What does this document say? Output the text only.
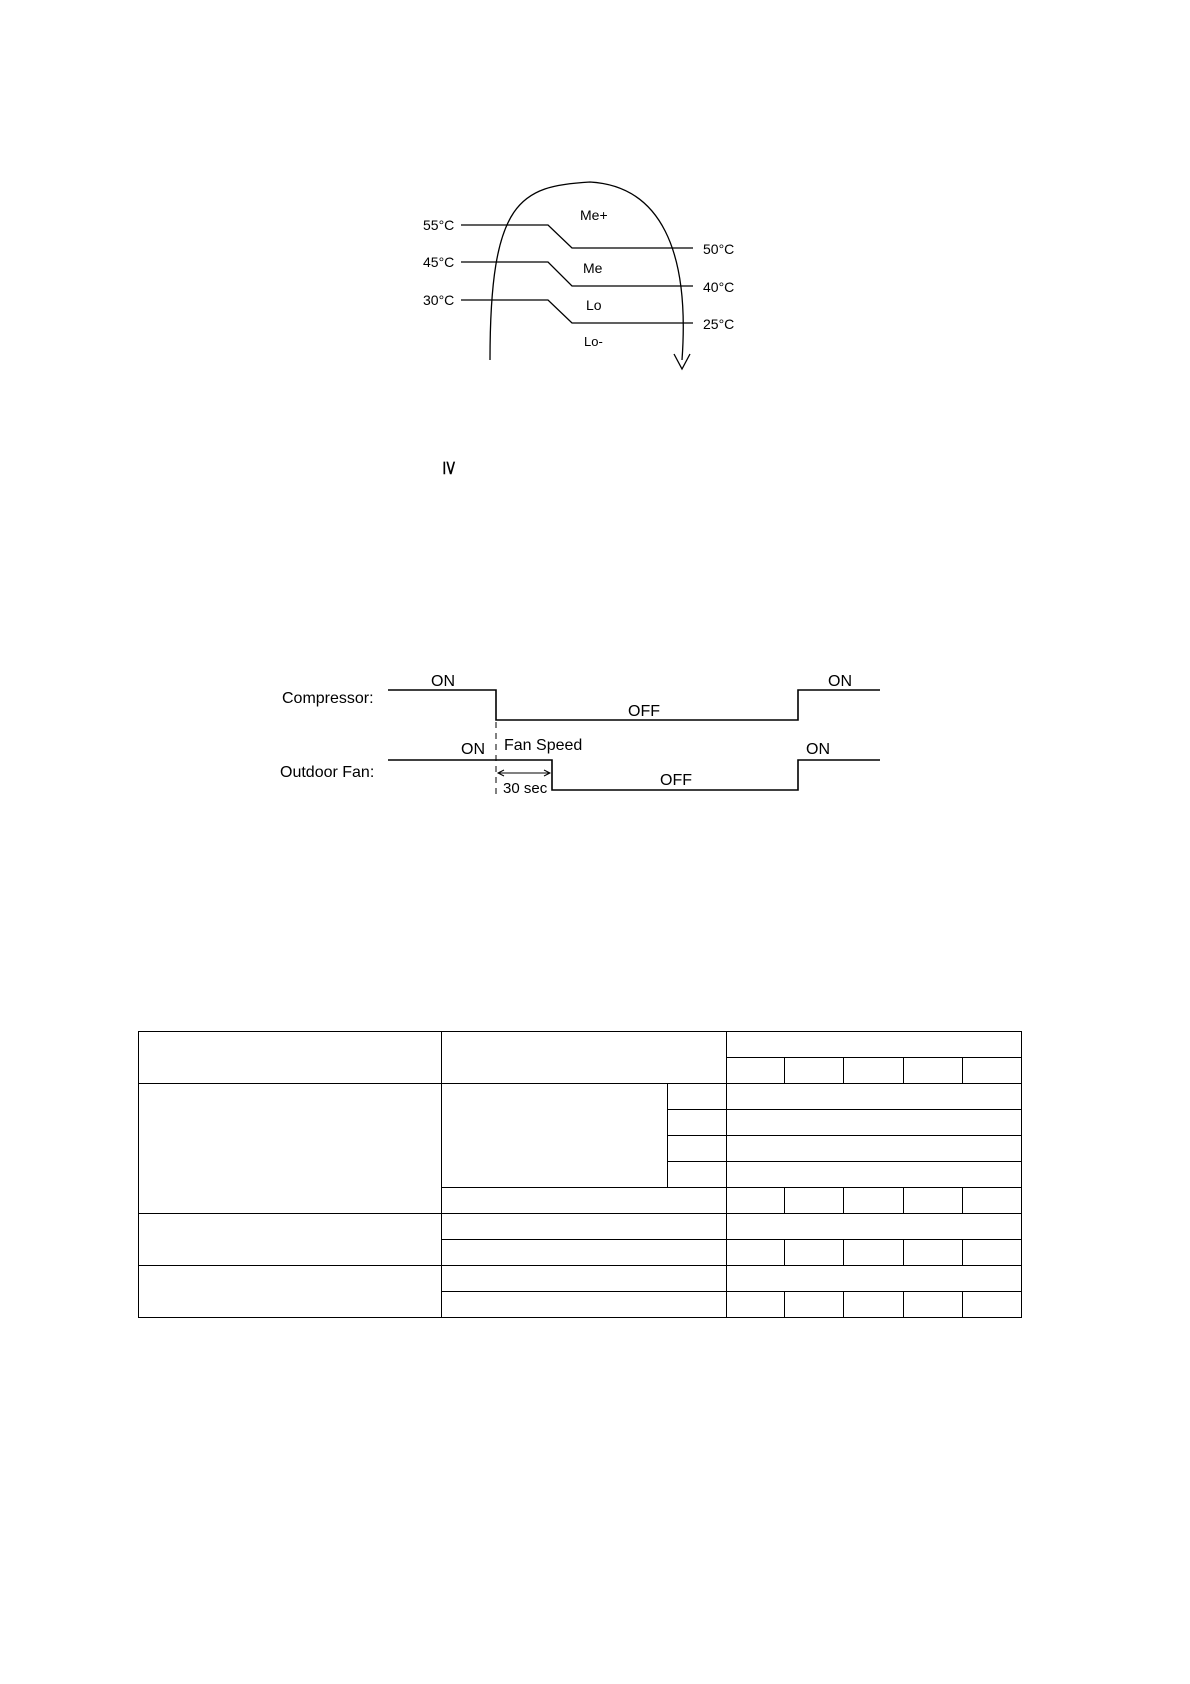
Me+
Me
Lo
Lo-
55°C
45°C
30°C
50°C
40°C
25°C
≥
Compressor:
Outdoor Fan:
ON
OFF
ON
ON Fan Speed
30 sec	OFF
ON
